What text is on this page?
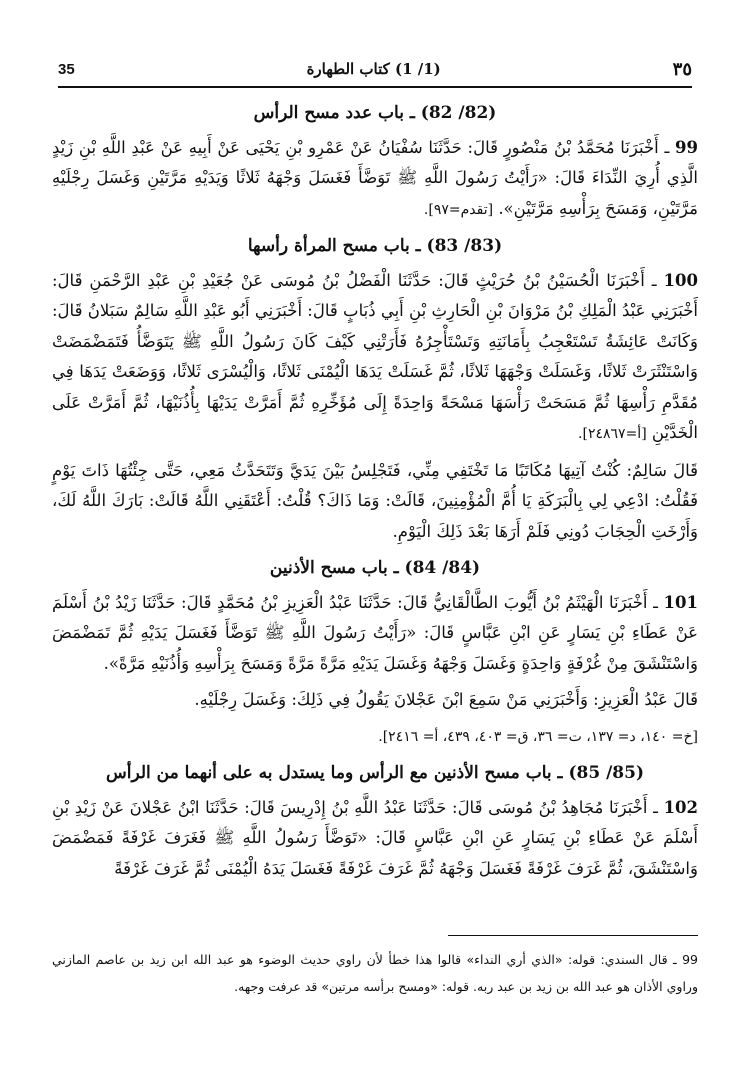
35	(1/ 1) كتاب الطهارة	٣٥
(82/ 82) ـ باب عدد مسح الرأس

99 ـ أَخْبَرَنَا مُحَمَّدُ بْنُ مَنْصُورٍ قَالَ: حَدَّثَنَا سُفْيَانُ عَنْ عَمْرِو بْنِ يَحْيَى عَنْ أَبِيهِ عَنْ عَبْدِ اللَّهِ بْنِ زَيْدٍ الَّذِي أُرِيَ النِّدَاءَ قَالَ: «رَأَيْتُ رَسُولَ اللَّهِ ﷺ تَوَضَّأَ فَغَسَلَ وَجْهَهُ ثَلاثًا وَيَدَيْهِ مَرَّتَيْنِ وَغَسَلَ رِجْلَيْهِ مَرَّتَيْنِ، وَمَسَحَ بِرَأْسِهِ مَرَّتَيْنِ». [تقدم=٩٧].

(83/ 83) ـ باب مسح المرأة رأسها

100 ـ أَخْبَرَنَا الْحُسَيْنُ بْنُ حُرَيْثٍ قَالَ: حَدَّثَنَا الْفَضْلُ بْنُ مُوسَى عَنْ جُعَيْدِ بْنِ عَبْدِ الرَّحْمَنِ قَالَ: أَخْبَرَنِي عَبْدُ الْمَلِكِ بْنُ مَرْوَانَ بْنِ الْحَارِثِ بْنِ أَبِي ذُبَابٍ قَالَ: أَخْبَرَنِي أَبُو عَبْدِ اللَّهِ سَالِمٌ سَبَلانُ قَالَ: وَكَانَتْ عَائِشَةُ تَسْتَعْجِبُ بِأَمَانَتِهِ وَتَسْتَأْجِرُهُ فَأَرَتْنِي كَيْفَ كَانَ رَسُولُ اللَّهِ ﷺ يَتَوَضَّأُ فَتَمَضْمَضَتْ وَاسْتَنْثَرَتْ ثَلاثًا، وَغَسَلَتْ وَجْهَهَا ثَلاثًا، ثُمَّ غَسَلَتْ يَدَهَا الْيُمْنَى ثَلاثًا، وَالْيُسْرَى ثَلاثًا، وَوَضَعَتْ يَدَهَا فِي مُقَدَّمِ رَأْسِهَا ثُمَّ مَسَحَتْ رَأْسَهَا مَسْحَةً وَاحِدَةً إِلَى مُؤَخِّرِهِ ثُمَّ أَمَرَّتْ يَدَيْهَا بِأُذُنَيْهَا، ثُمَّ أَمَرَّتْ عَلَى الْخَدَّيْنِ [أ=٢٤٨٦٧].

قَالَ سَالِمٌ: كُنْتُ آتِيهَا مُكَاتَبًا مَا تَخْتَفِي مِنِّي، فَتَجْلِسُ بَيْنَ يَدَيَّ وَتَتَحَدَّثُ مَعِي، حَتَّى جِئْتُهَا ذَاتَ يَوْمٍ فَقُلْتُ: ادْعِي لِي بِالْبَرَكَةِ يَا أُمَّ الْمُؤْمِنِينَ، قَالَتْ: وَمَا ذَاكَ؟ قُلْتُ: أَعْتَقَنِي اللَّهُ قَالَتْ: بَارَكَ اللَّهُ لَكَ، وَأَرْخَتِ الْحِجَابَ دُونِي فَلَمْ أَرَهَا بَعْدَ ذَلِكَ الْيَوْمِ.

(84/ 84) ـ باب مسح الأذنين

101 ـ أَخْبَرَنَا الْهَيْثَمُ بْنُ أَيُّوبَ الطَّالْقَانِيُّ قَالَ: حَدَّثَنَا عَبْدُ الْعَزِيزِ بْنُ مُحَمَّدٍ قَالَ: حَدَّثَنَا زَيْدُ بْنُ أَسْلَمَ عَنْ عَطَاءِ بْنِ يَسَارٍ عَنِ ابْنِ عَبَّاسٍ قَالَ: «رَأَيْتُ رَسُولَ اللَّهِ ﷺ تَوَضَّأَ فَغَسَلَ يَدَيْهِ ثُمَّ تَمَضْمَضَ وَاسْتَنْشَقَ مِنْ غُرْفَةٍ وَاحِدَةٍ وَغَسَلَ وَجْهَهُ وَغَسَلَ يَدَيْهِ مَرَّةً مَرَّةً وَمَسَحَ بِرَأْسِهِ وَأُذُنَيْهِ مَرَّةً».

قَالَ عَبْدُ الْعَزِيزِ: وَأَخْبَرَنِي مَنْ سَمِعَ ابْنَ عَجْلانَ يَقُولُ فِي ذَلِكَ: وَغَسَلَ رِجْلَيْهِ.

[خ= ١٤٠، د= ١٣٧، ت= ٣٦، ق= ٤٠٣، ٤٣٩، أ= ٢٤١٦].

(85/ 85) ـ باب مسح الأذنين مع الرأس وما يستدل به على أنهما من الرأس

102 ـ أَخْبَرَنَا مُجَاهِدُ بْنُ مُوسَى قَالَ: حَدَّثَنَا عَبْدُ اللَّهِ بْنُ إِدْرِيسَ قَالَ: حَدَّثَنَا ابْنُ عَجْلانَ عَنْ زَيْدِ بْنِ أَسْلَمَ عَنْ عَطَاءِ بْنِ يَسَارٍ عَنِ ابْنِ عَبَّاسٍ قَالَ: «تَوَضَّأَ رَسُولُ اللَّهِ ﷺ فَغَرَفَ غَرْفَةً فَمَضْمَضَ وَاسْتَنْشَقَ، ثُمَّ غَرَفَ غَرْفَةً فَغَسَلَ وَجْهَهُ ثُمَّ غَرَفَ غَرْفَةً فَغَسَلَ يَدَهُ الْيُمْنَى ثُمَّ غَرَفَ غَرْفَةً

99 ـ قال السندي: قوله: «الذي أري النداء» قالوا هذا خطأ لأن راوي حديث الوضوء هو عبد الله ابن زيد بن عاصم المازني وراوي الأذان هو عبد الله بن زيد بن عبد ربه. قوله: «ومسح برأسه مرتين» قد عرفت وجهه.
